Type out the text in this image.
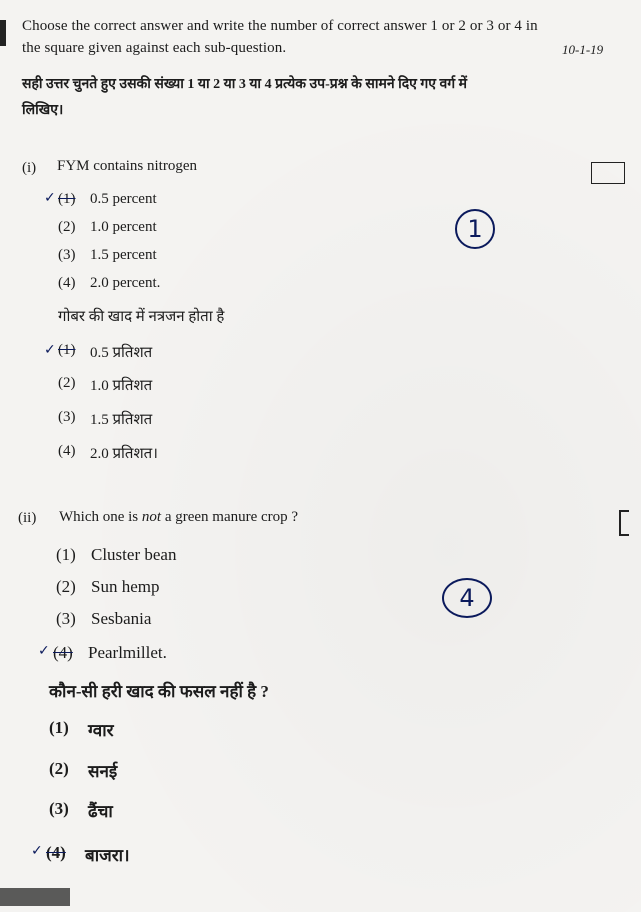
Choose the correct answer and write the number of correct answer 1 or 2 or 3 or 4 in
the square given against each sub-question.	10-1-19
सही उत्तर चुनते हुए उसकी संख्या 1 या 2 या 3 या 4 प्रत्येक उप-प्रश्न के सामने दिए गए वर्ग में
लिखिए।
(i) FYM contains nitrogen
✓ (1) 0.5 percent
(2) 1.0 percent
(3) 1.5 percent
(4) 2.0 percent.
1
गोबर की खाद में नत्रजन होता है
✓ (1) 0.5 प्रतिशत
(2) 1.0 प्रतिशत
(3) 1.5 प्रतिशत
(4) 2.0 प्रतिशत।
(ii) Which one is not a green manure crop ?
(1) Cluster bean
(2) Sun hemp
(3) Sesbania
✓ (4) Pearlmillet.
4
कौन-सी हरी खाद की फसल नहीं है ?
(1) ग्वार
(2) सनई
(3) ढैंचा
✓ (4) बाजरा।
